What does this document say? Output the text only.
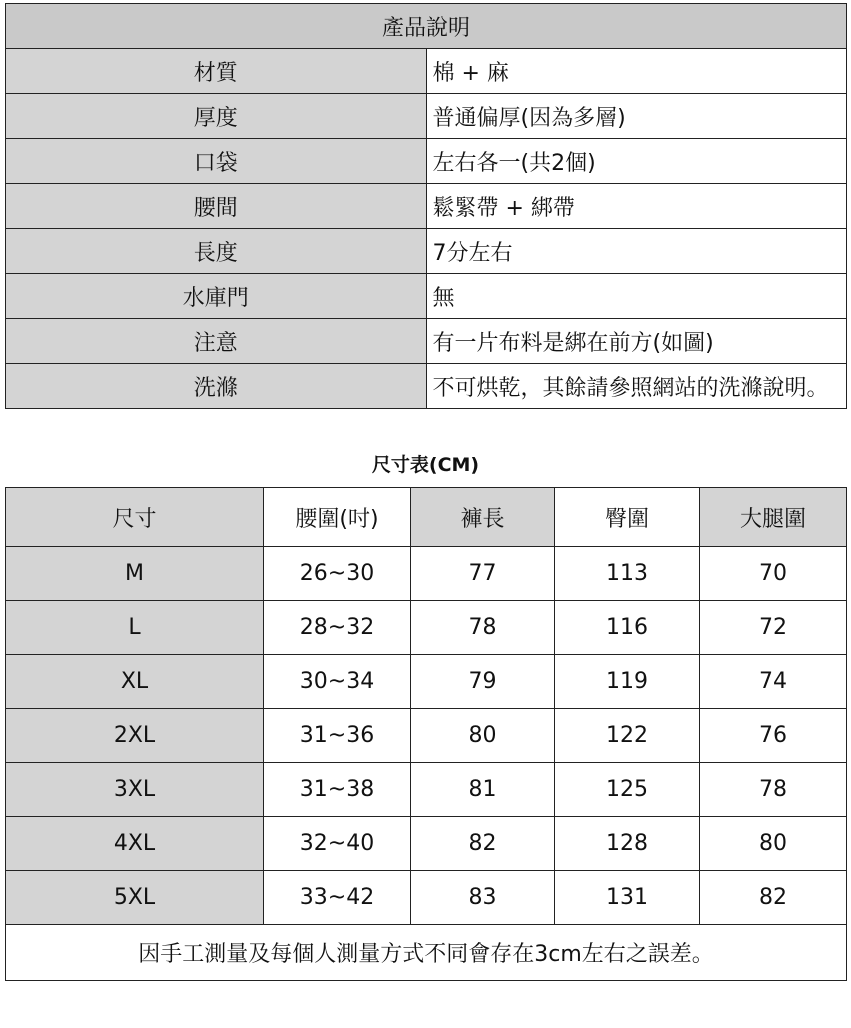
產品說明	
材質	棉 + 麻
厚度	普通偏厚(因為多層)
口袋	左右各一(共2個)
腰間	鬆緊帶 + 綁帶
長度	7分左右
水庫門	無
注意	有一片布料是綁在前方(如圖)
洗滌	不可烘乾，其餘請參照網站的洗滌說明。
尺寸表(CM)
尺寸	腰圍(吋)	褲長	臀圍	大腿圍
M	26~30	77	113	70
L	28~32	78	116	72
XL	30~34	79	119	74
2XL	31~36	80	122	76
3XL	31~38	81	125	78
4XL	32~40	82	128	80
5XL	33~42	83	131	82
因手工測量及每個人測量方式不同會存在3cm左右之誤差。				
